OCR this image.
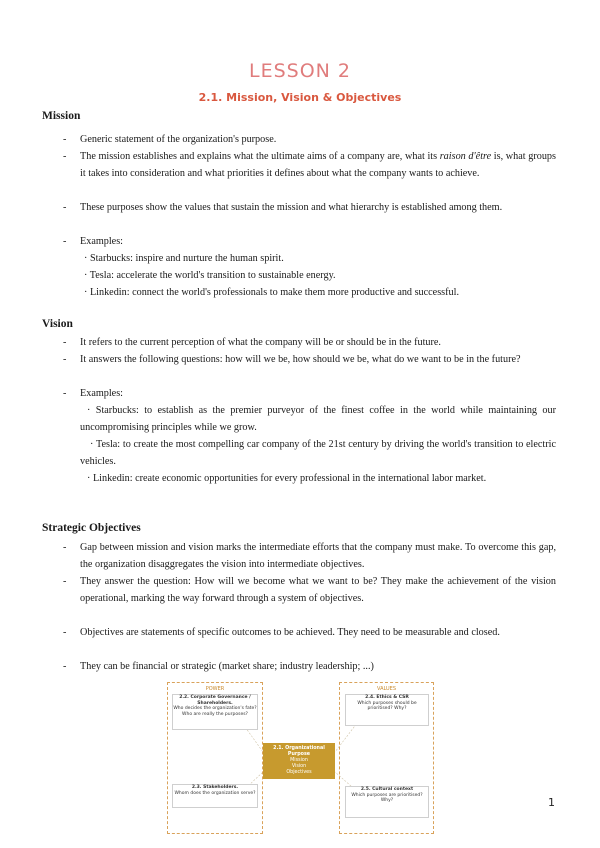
LESSON 2
2.1. Mission, Vision & Objectives
Mission
- Generic statement of the organization's purpose.
- The mission establishes and explains what the ultimate aims of a company are, what its raison d'être is, what groups it takes into consideration and what priorities it defines about what the company wants to achieve.
- These purposes show the values that sustain the mission and what hierarchy is established among them.
- Examples:
· Starbucks: inspire and nurture the human spirit.
· Tesla: accelerate the world's transition to sustainable energy.
· Linkedin: connect the world's professionals to make them more productive and successful.
Vision
- It refers to the current perception of what the company will be or should be in the future.
- It answers the following questions: how will we be, how should we be, what do we want to be in the future?
- Examples:
· Starbucks: to establish as the premier purveyor of the finest coffee in the world while maintaining our uncompromising principles while we grow.
· Tesla: to create the most compelling car company of the 21st century by driving the world's transition to electric vehicles.
· Linkedin: create economic opportunities for every professional in the international labor market.
Strategic Objectives
- Gap between mission and vision marks the intermediate efforts that the company must make. To overcome this gap, the organization disaggregates the vision into intermediate objectives.
- They answer the question: How will we become what we want to be? They make the achievement of the vision operational, marking the way forward through a system of objectives.
- Objectives are statements of specific outcomes to be achieved. They need to be measurable and closed.
- They can be financial or strategic (market share; industry leadership; ...)
POWER	VALUES
2.2. Corporate Governance / Shareholders.
Who decides the organization's fate? Who are really the purposes?
2.3. Stakeholders.
Whom does the organization serve?
2.4. Ethics & CSR
Which purposes should be prioritised? Why?
2.5. Cultural context
Which purposes are prioritised? Why?
2.1. Organizational Purpose
Mission
Vision
Objectives
1
